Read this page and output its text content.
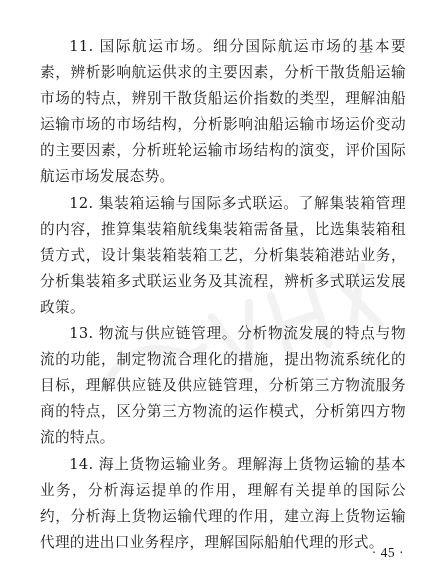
11. 国际航运市场。细分国际航运市场的基本要素，辨析影响航运供求的主要因素，分析干散货船运输市场的特点，辨别干散货船运价指数的类型，理解油船运输市场的市场结构，分析影响油船运输市场运价变动的主要因素，分析班轮运输市场结构的演变，评价国际航运市场发展态势。

12. 集装箱运输与国际多式联运。了解集装箱管理的内容，推算集装箱航线集装箱需备量，比选集装箱租赁方式，设计集装箱装箱工艺，分析集装箱港站业务，分析集装箱多式联运业务及其流程，辨析多式联运发展政策。

13. 物流与供应链管理。分析物流发展的特点与物流的功能，制定物流合理化的措施，提出物流系统化的目标，理解供应链及供应链管理，分析第三方物流服务商的特点，区分第三方物流的运作模式，分析第四方物流的特点。

14. 海上货物运输业务。理解海上货物运输的基本业务，分析海运提单的作用，理解有关提单的国际公约，分析海上货物运输代理的作用，建立海上货物运输代理的进出口业务程序，理解国际船舶代理的形式。

· 45 ·
